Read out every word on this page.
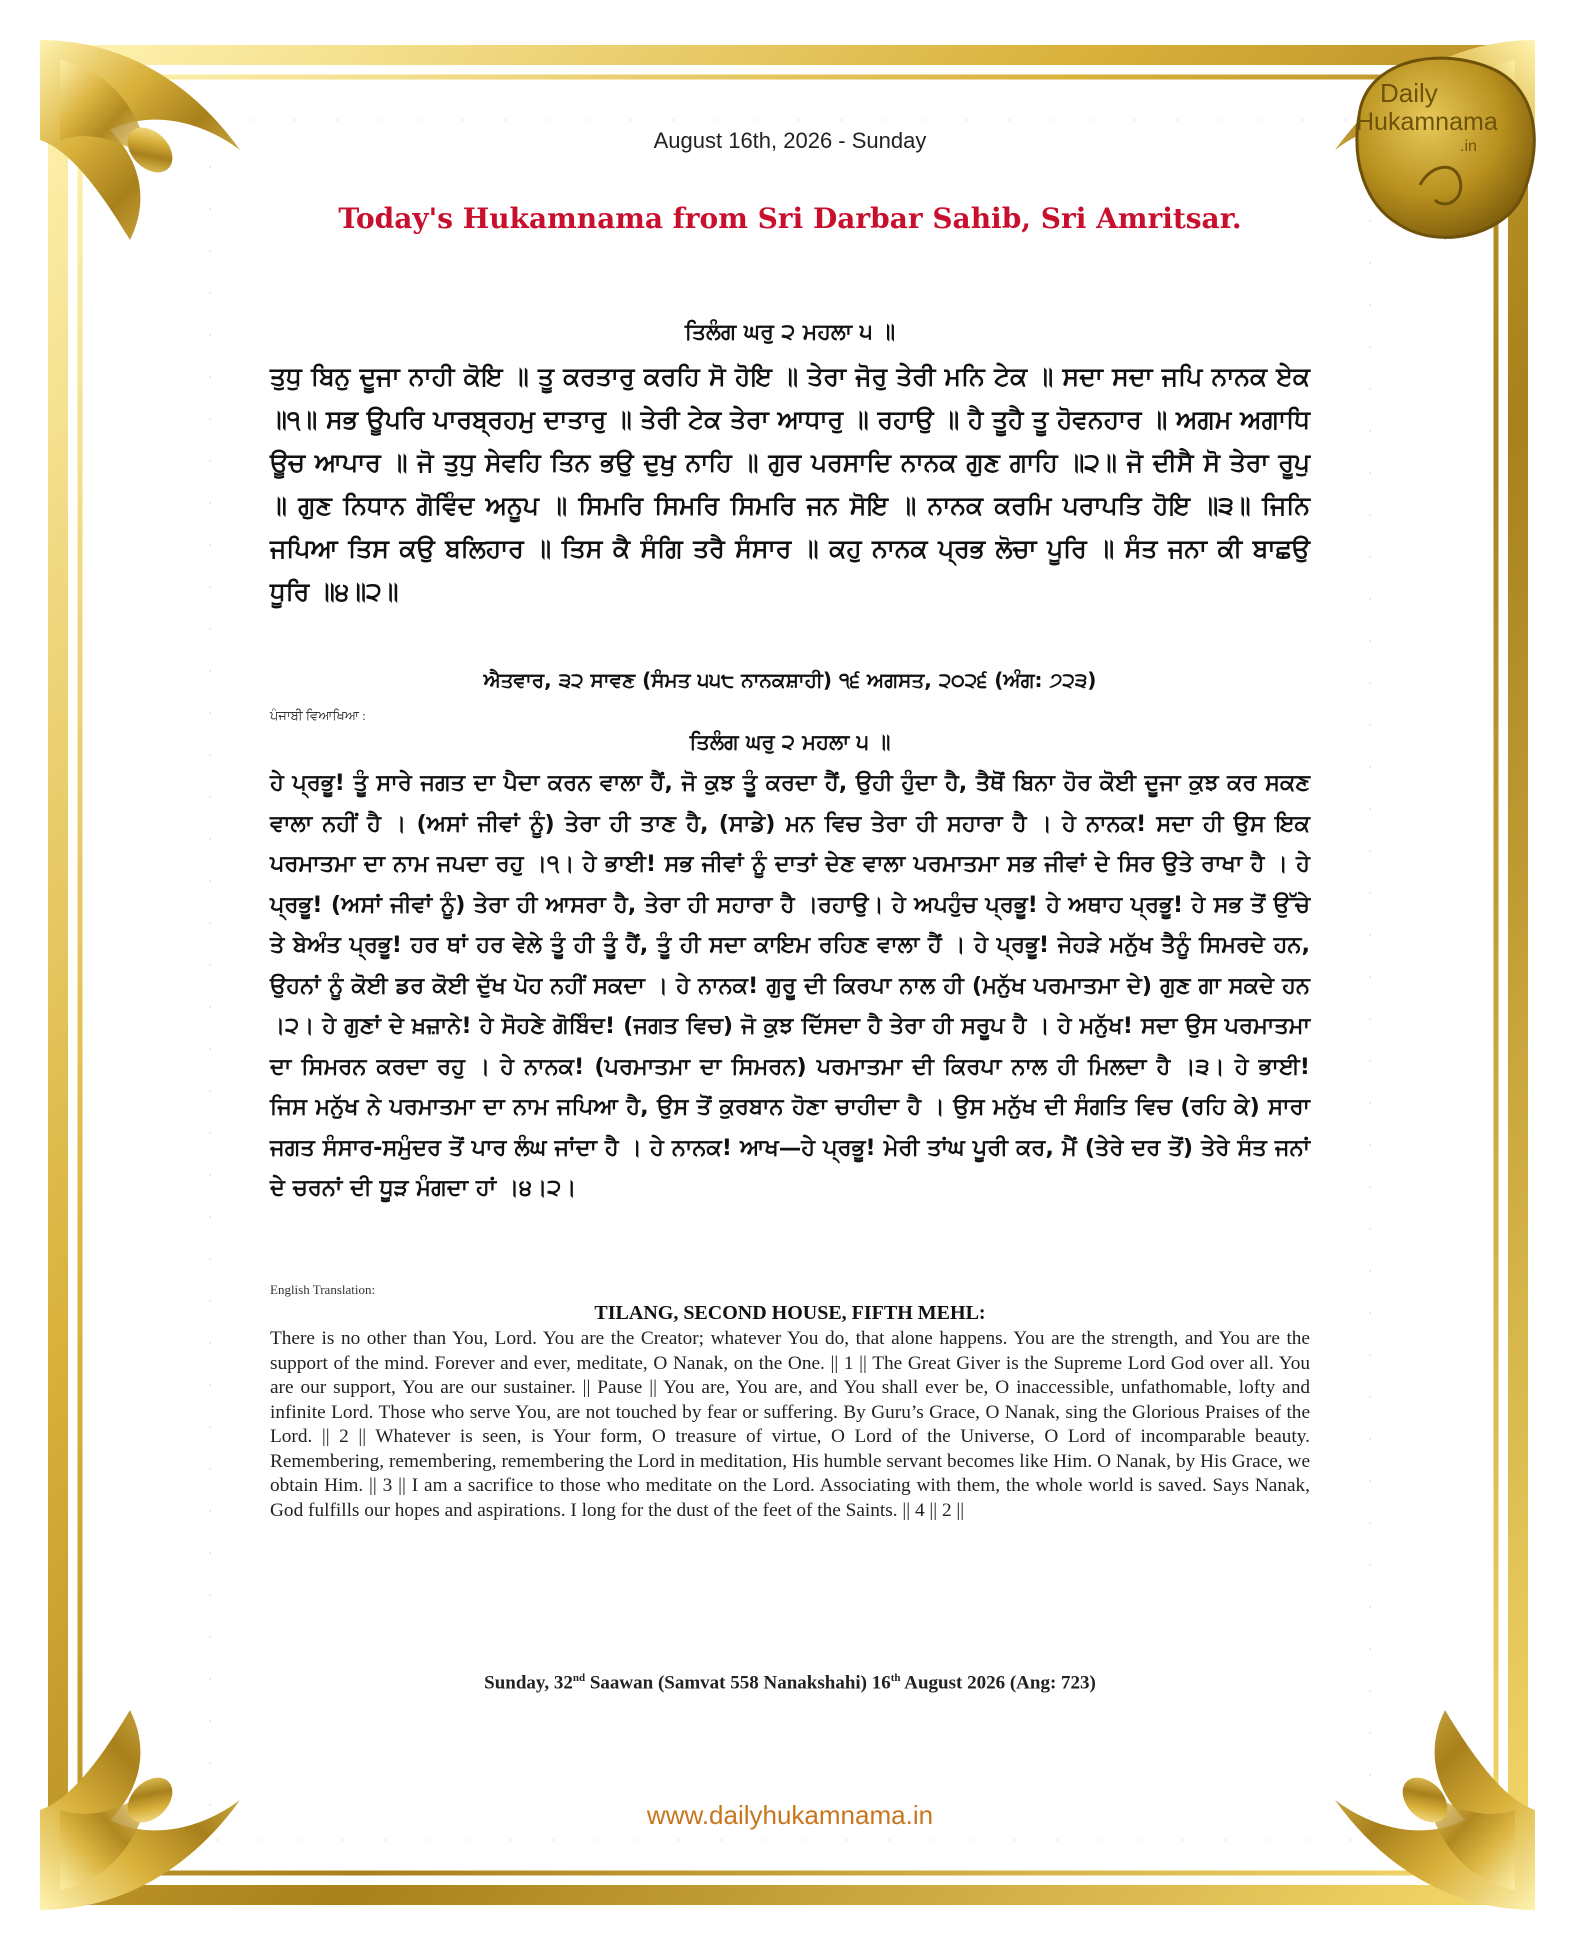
Daily
Hukamnama
.in
August 16th, 2026 - Sunday
Today's Hukamnama from Sri Darbar Sahib, Sri Amritsar.
ਤਿਲੰਗ ਘਰੁ ੨ ਮਹਲਾ ੫ ॥
ਤੁਧੁ ਬਿਨੁ ਦੂਜਾ ਨਾਹੀ ਕੋਇ ॥ ਤੂ ਕਰਤਾਰੁ ਕਰਹਿ ਸੋ ਹੋਇ ॥ ਤੇਰਾ ਜੋਰੁ ਤੇਰੀ ਮਨਿ ਟੇਕ ॥ ਸਦਾ ਸਦਾ ਜਪਿ ਨਾਨਕ ਏਕ ॥੧॥ ਸਭ ਊਪਰਿ ਪਾਰਬ੍ਰਹਮੁ ਦਾਤਾਰੁ ॥ ਤੇਰੀ ਟੇਕ ਤੇਰਾ ਆਧਾਰੁ ॥ ਰਹਾਉ ॥ ਹੈ ਤੂਹੈ ਤੂ ਹੋਵਨਹਾਰ ॥ ਅਗਮ ਅਗਾਧਿ ਊਚ ਆਪਾਰ ॥ ਜੋ ਤੁਧੁ ਸੇਵਹਿ ਤਿਨ ਭਉ ਦੁਖੁ ਨਾਹਿ ॥ ਗੁਰ ਪਰਸਾਦਿ ਨਾਨਕ ਗੁਣ ਗਾਹਿ ॥੨॥ ਜੋ ਦੀਸੈ ਸੋ ਤੇਰਾ ਰੂਪੁ ॥ ਗੁਣ ਨਿਧਾਨ ਗੋਵਿੰਦ ਅਨੂਪ ॥ ਸਿਮਰਿ ਸਿਮਰਿ ਸਿਮਰਿ ਜਨ ਸੋਇ ॥ ਨਾਨਕ ਕਰਮਿ ਪਰਾਪਤਿ ਹੋਇ ॥੩॥ ਜਿਨਿ ਜਪਿਆ ਤਿਸ ਕਉ ਬਲਿਹਾਰ ॥ ਤਿਸ ਕੈ ਸੰਗਿ ਤਰੈ ਸੰਸਾਰ ॥ ਕਹੁ ਨਾਨਕ ਪ੍ਰਭ ਲੋਚਾ ਪੂਰਿ ॥ ਸੰਤ ਜਨਾ ਕੀ ਬਾਛਉ ਧੂਰਿ ॥੪॥੨॥
ਐਤਵਾਰ, ੩੨ ਸਾਵਣ (ਸੰਮਤ ੫੫੮ ਨਾਨਕਸ਼ਾਹੀ) ੧੬ ਅਗਸਤ, ੨੦੨੬ (ਅੰਗ: ੭੨੩)
ਪੰਜਾਬੀ ਵਿਆਖਿਆ :
ਤਿਲੰਗ ਘਰੁ ੨ ਮਹਲਾ ੫ ॥
ਹੇ ਪ੍ਰਭੂ! ਤੂੰ ਸਾਰੇ ਜਗਤ ਦਾ ਪੈਦਾ ਕਰਨ ਵਾਲਾ ਹੈਂ, ਜੋ ਕੁਝ ਤੂੰ ਕਰਦਾ ਹੈਂ, ਉਹੀ ਹੁੰਦਾ ਹੈ, ਤੈਥੋਂ ਬਿਨਾ ਹੋਰ ਕੋਈ ਦੂਜਾ ਕੁਝ ਕਰ ਸਕਣ ਵਾਲਾ ਨਹੀਂ ਹੈ । (ਅਸਾਂ ਜੀਵਾਂ ਨੂੰ) ਤੇਰਾ ਹੀ ਤਾਣ ਹੈ, (ਸਾਡੇ) ਮਨ ਵਿਚ ਤੇਰਾ ਹੀ ਸਹਾਰਾ ਹੈ । ਹੇ ਨਾਨਕ! ਸਦਾ ਹੀ ਉਸ ਇਕ ਪਰਮਾਤਮਾ ਦਾ ਨਾਮ ਜਪਦਾ ਰਹੁ ।੧। ਹੇ ਭਾਈ! ਸਭ ਜੀਵਾਂ ਨੂੰ ਦਾਤਾਂ ਦੇਣ ਵਾਲਾ ਪਰਮਾਤਮਾ ਸਭ ਜੀਵਾਂ ਦੇ ਸਿਰ ਉਤੇ ਰਾਖਾ ਹੈ । ਹੇ ਪ੍ਰਭੂ! (ਅਸਾਂ ਜੀਵਾਂ ਨੂੰ) ਤੇਰਾ ਹੀ ਆਸਰਾ ਹੈ, ਤੇਰਾ ਹੀ ਸਹਾਰਾ ਹੈ ।ਰਹਾਉ। ਹੇ ਅਪਹੁੰਚ ਪ੍ਰਭੂ! ਹੇ ਅਥਾਹ ਪ੍ਰਭੂ! ਹੇ ਸਭ ਤੋਂ ਉੱਚੇ ਤੇ ਬੇਅੰਤ ਪ੍ਰਭੂ! ਹਰ ਥਾਂ ਹਰ ਵੇਲੇ ਤੂੰ ਹੀ ਤੂੰ ਹੈਂ, ਤੂੰ ਹੀ ਸਦਾ ਕਾਇਮ ਰਹਿਣ ਵਾਲਾ ਹੈਂ । ਹੇ ਪ੍ਰਭੂ! ਜੇਹੜੇ ਮਨੁੱਖ ਤੈਨੂੰ ਸਿਮਰਦੇ ਹਨ, ਉਹਨਾਂ ਨੂੰ ਕੋਈ ਡਰ ਕੋਈ ਦੁੱਖ ਪੋਹ ਨਹੀਂ ਸਕਦਾ । ਹੇ ਨਾਨਕ! ਗੁਰੂ ਦੀ ਕਿਰਪਾ ਨਾਲ ਹੀ (ਮਨੁੱਖ ਪਰਮਾਤਮਾ ਦੇ) ਗੁਣ ਗਾ ਸਕਦੇ ਹਨ ।੨। ਹੇ ਗੁਣਾਂ ਦੇ ਖ਼ਜ਼ਾਨੇ! ਹੇ ਸੋਹਣੇ ਗੋਬਿੰਦ! (ਜਗਤ ਵਿਚ) ਜੋ ਕੁਝ ਦਿੱਸਦਾ ਹੈ ਤੇਰਾ ਹੀ ਸਰੂਪ ਹੈ । ਹੇ ਮਨੁੱਖ! ਸਦਾ ਉਸ ਪਰਮਾਤਮਾ ਦਾ ਸਿਮਰਨ ਕਰਦਾ ਰਹੁ । ਹੇ ਨਾਨਕ! (ਪਰਮਾਤਮਾ ਦਾ ਸਿਮਰਨ) ਪਰਮਾਤਮਾ ਦੀ ਕਿਰਪਾ ਨਾਲ ਹੀ ਮਿਲਦਾ ਹੈ ।੩। ਹੇ ਭਾਈ! ਜਿਸ ਮਨੁੱਖ ਨੇ ਪਰਮਾਤਮਾ ਦਾ ਨਾਮ ਜਪਿਆ ਹੈ, ਉਸ ਤੋਂ ਕੁਰਬਾਨ ਹੋਣਾ ਚਾਹੀਦਾ ਹੈ । ਉਸ ਮਨੁੱਖ ਦੀ ਸੰਗਤਿ ਵਿਚ (ਰਹਿ ਕੇ) ਸਾਰਾ ਜਗਤ ਸੰਸਾਰ-ਸਮੁੰਦਰ ਤੋਂ ਪਾਰ ਲੰਘ ਜਾਂਦਾ ਹੈ । ਹੇ ਨਾਨਕ! ਆਖ—ਹੇ ਪ੍ਰਭੂ! ਮੇਰੀ ਤਾਂਘ ਪੂਰੀ ਕਰ, ਮੈਂ (ਤੇਰੇ ਦਰ ਤੋਂ) ਤੇਰੇ ਸੰਤ ਜਨਾਂ ਦੇ ਚਰਨਾਂ ਦੀ ਧੂੜ ਮੰਗਦਾ ਹਾਂ ।੪।੨।
English Translation:
TILANG, SECOND HOUSE, FIFTH MEHL:
There is no other than You, Lord. You are the Creator; whatever You do, that alone happens. You are the strength, and You are the support of the mind. Forever and ever, meditate, O Nanak, on the One. || 1 || The Great Giver is the Supreme Lord God over all. You are our support, You are our sustainer. || Pause || You are, You are, and You shall ever be, O inaccessible, unfathomable, lofty and infinite Lord. Those who serve You, are not touched by fear or suffering. By Guru’s Grace, O Nanak, sing the Glorious Praises of the Lord. || 2 || Whatever is seen, is Your form, O treasure of virtue, O Lord of the Universe, O Lord of incomparable beauty. Remembering, remembering, remembering the Lord in meditation, His humble servant becomes like Him. O Nanak, by His Grace, we obtain Him. || 3 || I am a sacrifice to those who meditate on the Lord. Associating with them, the whole world is saved. Says Nanak, God fulfills our hopes and aspirations. I long for the dust of the feet of the Saints. || 4 || 2 ||
Sunday, 32nd Saawan (Samvat 558 Nanakshahi) 16th August 2026 (Ang: 723)
www.dailyhukamnama.in
